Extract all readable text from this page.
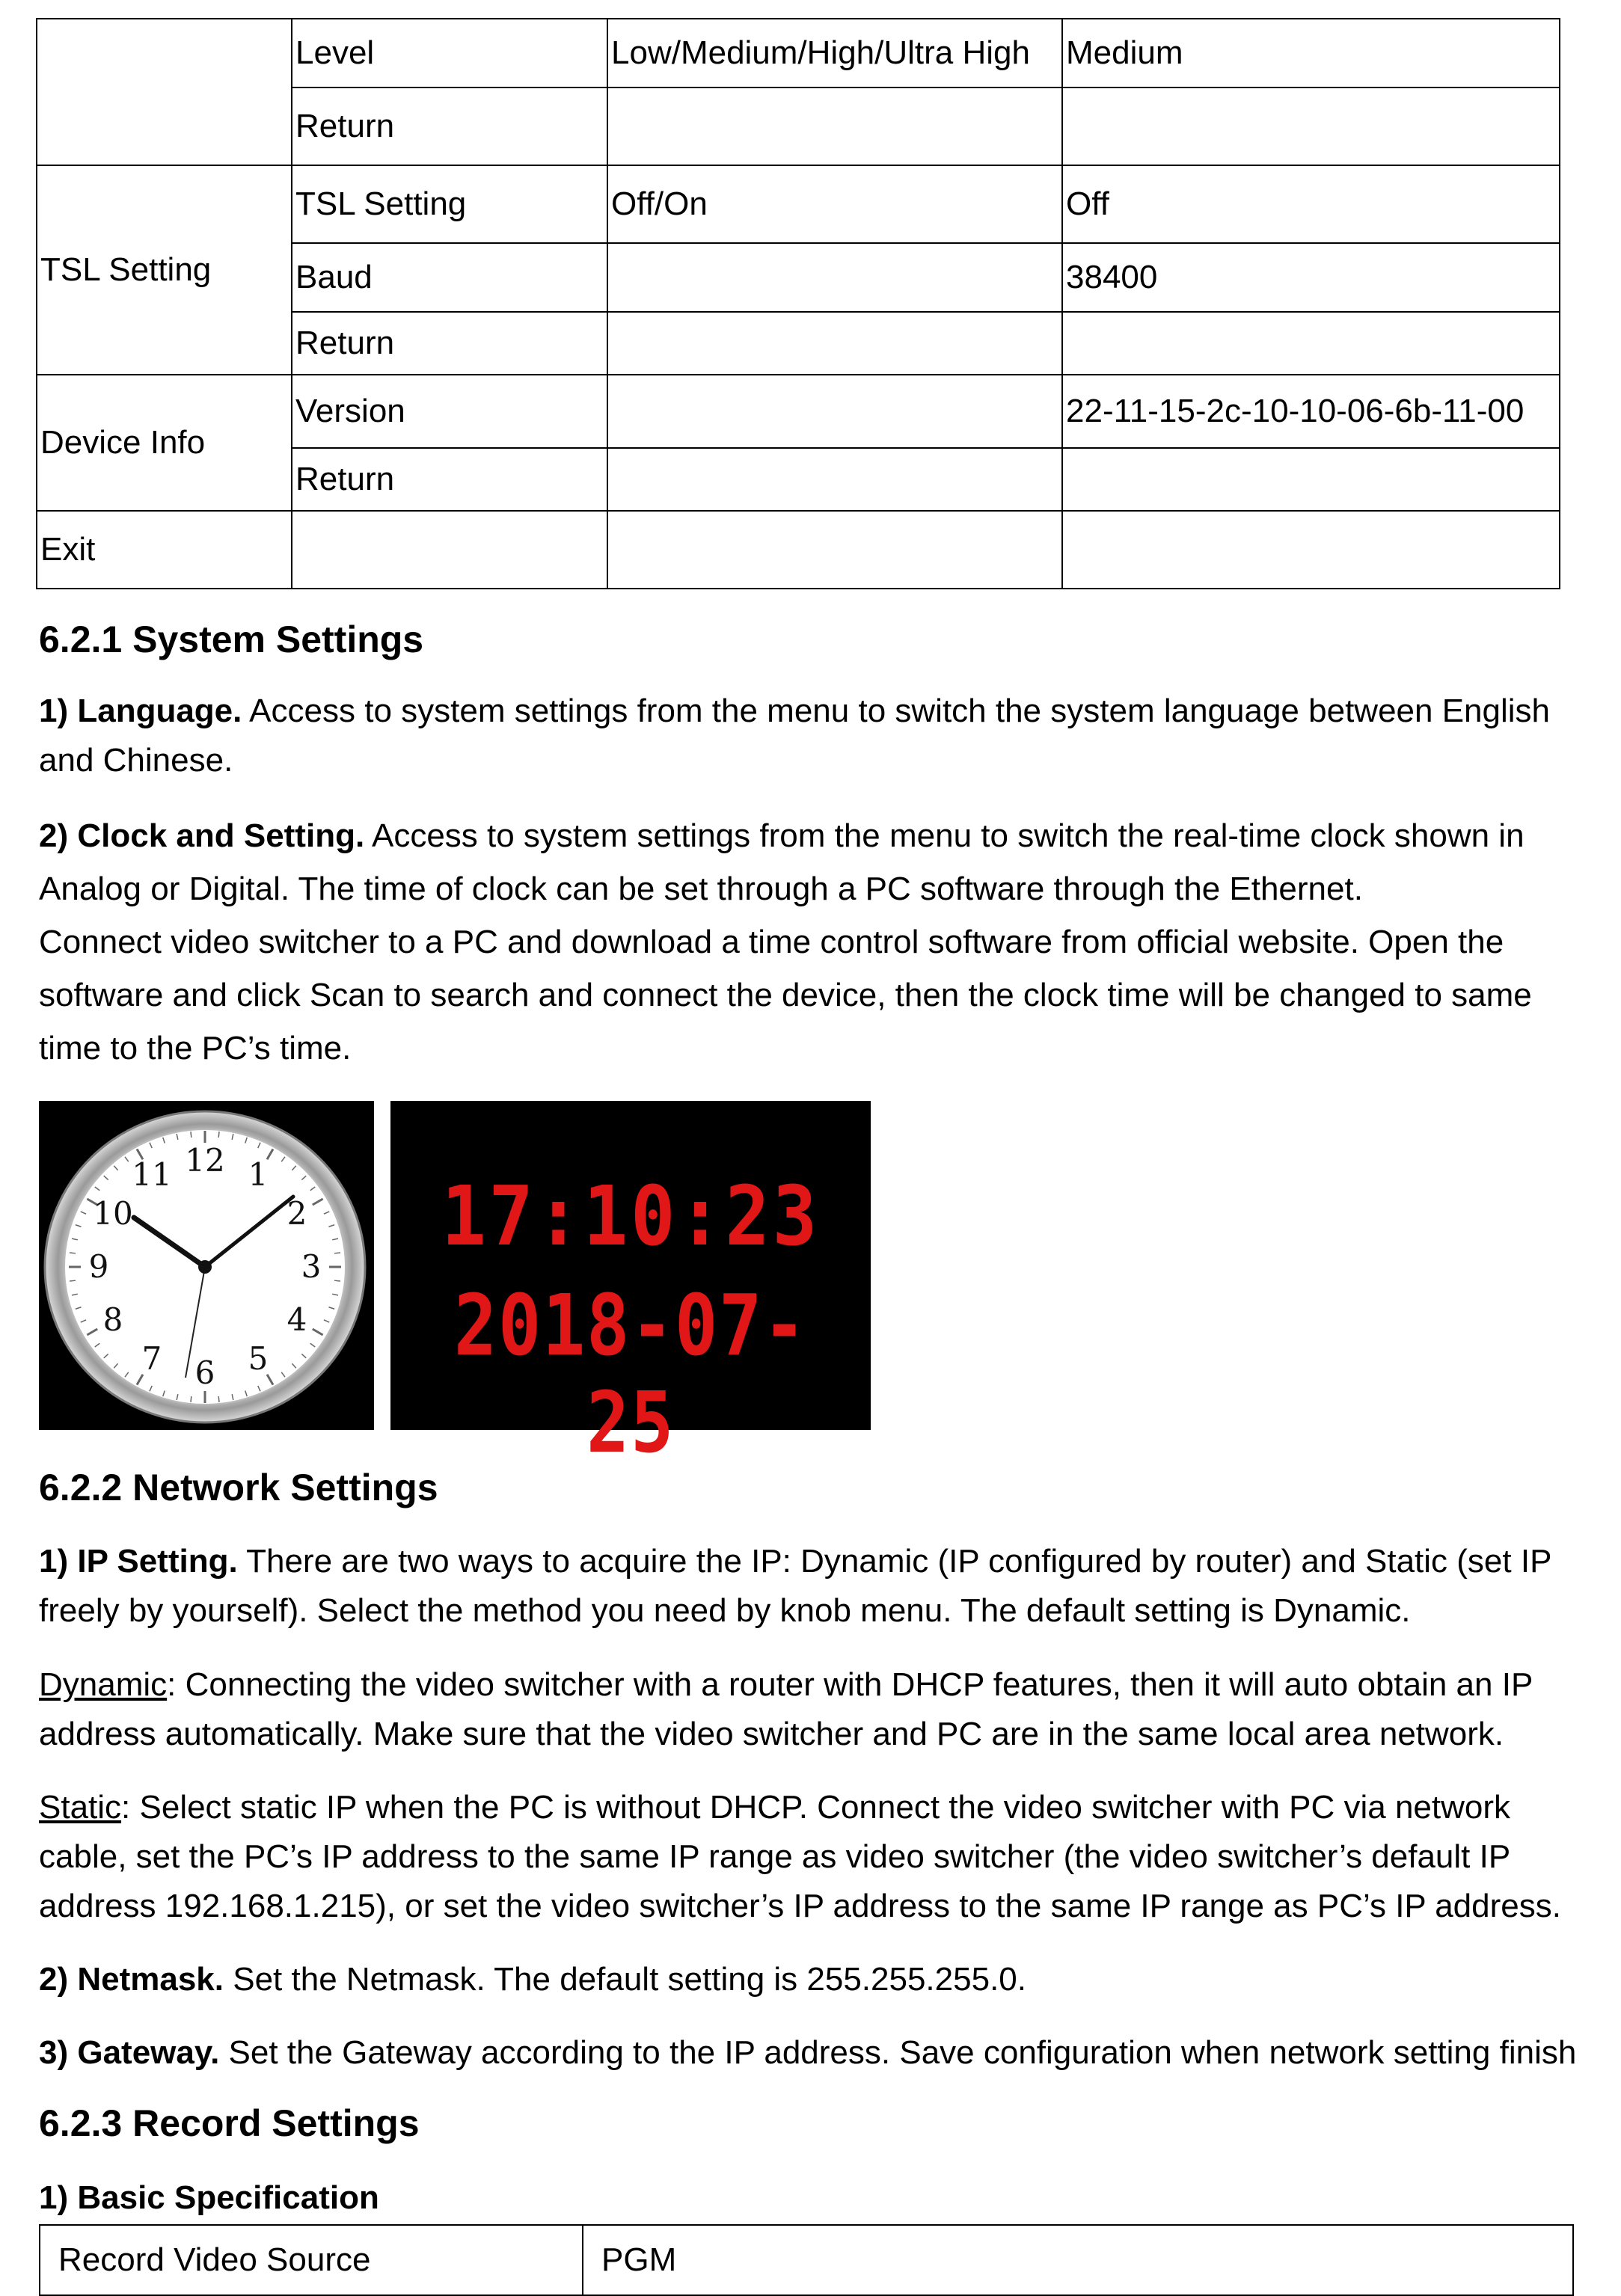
	Level	Low/Medium/High/Ultra High	Medium
	Return		
TSL Setting	TSL Setting	Off/On	Off
	Baud		38400
	Return		
Device Info	Version		22-11-15-2c-10-10-06-6b-11-00
	Return		
Exit			
6.2.1 System Settings

1) Language. Access to system settings from the menu to switch the system language between English and Chinese.

2) Clock and Setting. Access to system settings from the menu to switch the real-time clock shown in Analog or Digital. The time of clock can be set through a PC software through the Ethernet.

Connect video switcher to a PC and download a time control software from official website. Open the software and click Scan to search and connect the device, then the clock time will be changed to same time to the PC’s time.

12 1
2
3
4
5
6
7
8
9
10
11	17:10:23
2018-07-25
6.2.2 Network Settings

1) IP Setting. There are two ways to acquire the IP: Dynamic (IP configured by router) and Static (set IP freely by yourself). Select the method you need by knob menu. The default setting is Dynamic.

Dynamic: Connecting the video switcher with a router with DHCP features, then it will auto obtain an IP address automatically. Make sure that the video switcher and PC are in the same local area network.

Static: Select static IP when the PC is without DHCP. Connect the video switcher with PC via network cable, set the PC’s IP address to the same IP range as video switcher (the video switcher’s default IP address 192.168.1.215), or set the video switcher’s IP address to the same IP range as PC’s IP address.

2) Netmask. Set the Netmask. The default setting is 255.255.255.0.

3) Gateway. Set the Gateway according to the IP address. Save configuration when network setting finish

6.2.3 Record Settings

1) Basic Specification

Record Video Source	PGM
